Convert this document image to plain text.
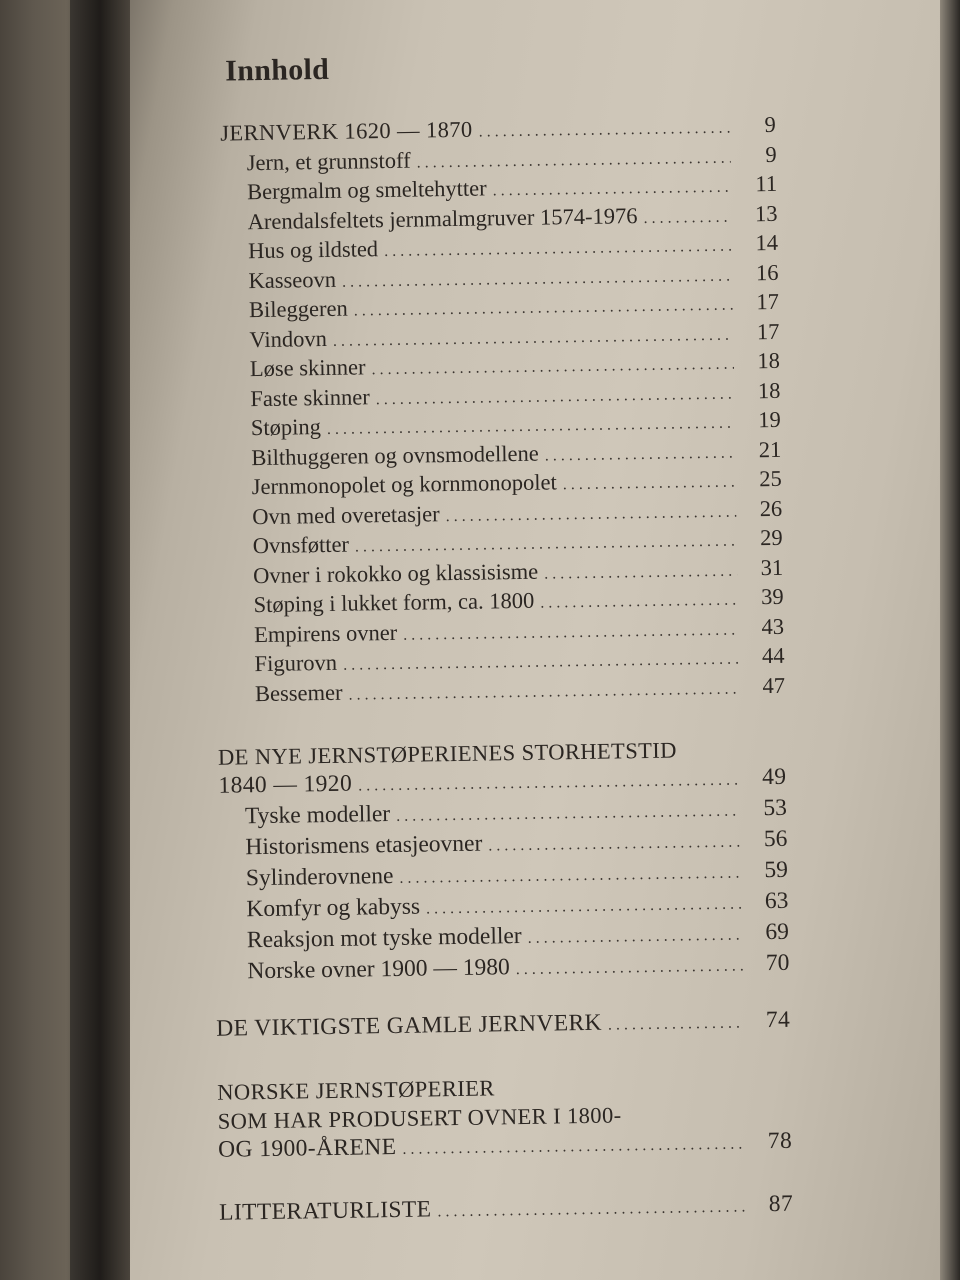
Innhold
JERNVERK 1620 — 1870 . . .	9
Jern, et grunnstoff . . .	9
Bergmalm og smeltehytter . . .	11
Arendalsfeltets jernmalmgruver 1574-1976 . . .	13
Hus og ildsted . . .	14
Kasseovn . . .	16
Bileggeren . . .	17
Vindovn . . .	17
Løse skinner . . .	18
Faste skinner . . .	18
Støping . . .	19
Bilthuggeren og ovnsmodellene . . .	21
Jernmonopolet og kornmonopolet . . .	25
Ovn med overetasjer . . .	26
Ovnsføtter . . .	29
Ovner i rokokko og klassisisme . . .	31
Støping i lukket form, ca. 1800 . . .	39
Empirens ovner . . .	43
Figurovn . . .	44
Bessemer . . .	47
DE NYE JERNSTØPERIENES STORHETSTID
1840 — 1920 . . .	49
Tyske modeller . . .	53
Historismens etasjeovner . . .	56
Sylinderovnene . . .	59
Komfyr og kabyss . . .	63
Reaksjon mot tyske modeller . . .	69
Norske ovner 1900 — 1980 . . .	70
DE VIKTIGSTE GAMLE JERNVERK . . .	74
NORSKE JERNSTØPERIER
SOM HAR PRODUSERT OVNER I 1800-
OG 1900-ÅRENE . . .	78
LITTERATURLISTE . . .	87
